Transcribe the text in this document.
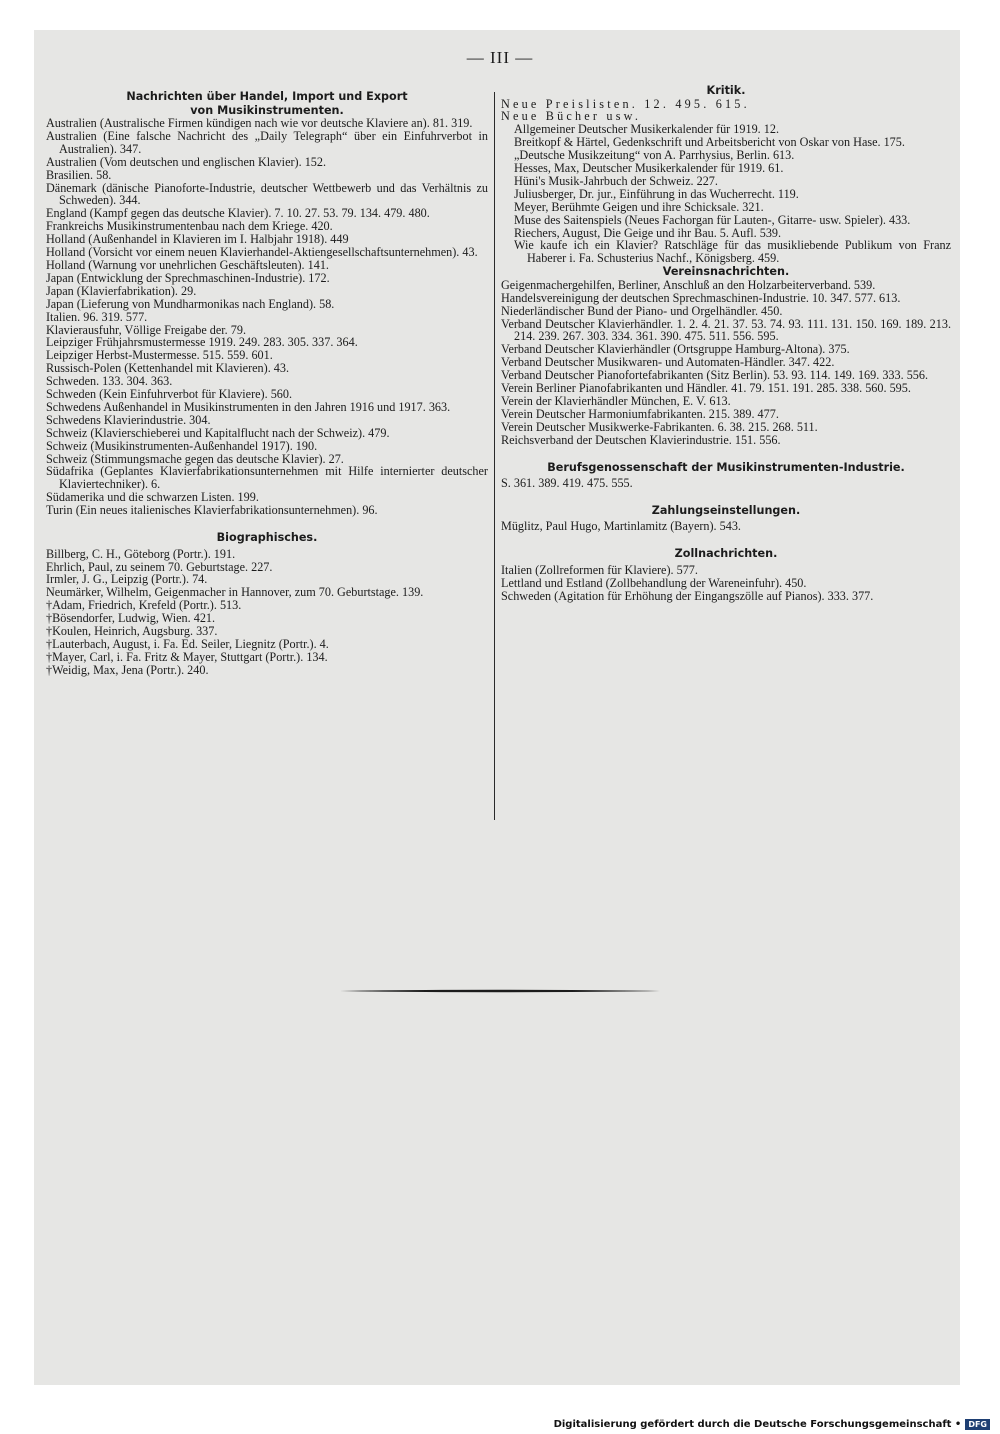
— III —

Nachrichten über Handel, Import und Export
von Musikinstrumenten.

Australien (Australische Firmen kündigen nach wie vor deutsche Klaviere an). 81. 319.
Australien (Eine falsche Nachricht des „Daily Telegraph“ über ein Einfuhrverbot in Australien). 347.
Australien (Vom deutschen und englischen Klavier). 152.
Brasilien. 58.
Dänemark (dänische Pianoforte-Industrie, deutscher Wettbewerb und das Verhältnis zu Schweden). 344.
England (Kampf gegen das deutsche Klavier). 7. 10. 27. 53. 79. 134. 479. 480.
Frankreichs Musikinstrumentenbau nach dem Kriege. 420.
Holland (Außenhandel in Klavieren im I. Halbjahr 1918). 449
Holland (Vorsicht vor einem neuen Klavierhandel-Aktiengesellschaftsunternehmen). 43.
Holland (Warnung vor unehrlichen Geschäftsleuten). 141.
Japan (Entwicklung der Sprechmaschinen-Industrie). 172.
Japan (Klavierfabrikation). 29.
Japan (Lieferung von Mundharmonikas nach England). 58.
Italien. 96. 319. 577.
Klavierausfuhr, Völlige Freigabe der. 79.
Leipziger Frühjahrsmustermesse 1919. 249. 283. 305. 337. 364.
Leipziger Herbst-Mustermesse. 515. 559. 601.
Russisch-Polen (Kettenhandel mit Klavieren). 43.
Schweden. 133. 304. 363.
Schweden (Kein Einfuhrverbot für Klaviere). 560.
Schwedens Außenhandel in Musikinstrumenten in den Jahren 1916 und 1917. 363.
Schwedens Klavierindustrie. 304.
Schweiz (Klavierschieberei und Kapitalflucht nach der Schweiz). 479.
Schweiz (Musikinstrumenten-Außenhandel 1917). 190.
Schweiz (Stimmungsmache gegen das deutsche Klavier). 27.
Südafrika (Geplantes Klavierfabrikationsunternehmen mit Hilfe internierter deutscher Klaviertechniker). 6.
Südamerika und die schwarzen Listen. 199.
Turin (Ein neues italienisches Klavierfabrikationsunternehmen). 96.

Biographisches.

Billberg, C. H., Göteborg (Portr.). 191.
Ehrlich, Paul, zu seinem 70. Geburtstage. 227.
Irmler, J. G., Leipzig (Portr.). 74.
Neumärker, Wilhelm, Geigenmacher in Hannover, zum 70. Geburtstage. 139.
†Adam, Friedrich, Krefeld (Portr.). 513.
†Bösendorfer, Ludwig, Wien. 421.
†Koulen, Heinrich, Augsburg. 337.
†Lauterbach, August, i. Fa. Ed. Seiler, Liegnitz (Portr.). 4.
†Mayer, Carl, i. Fa. Fritz & Mayer, Stuttgart (Portr.). 134.
†Weidig, Max, Jena (Portr.). 240.

Kritik.

Neue Preislisten. 12. 495. 615.
Neue Bücher usw.
Allgemeiner Deutscher Musikerkalender für 1919. 12.
Breitkopf & Härtel, Gedenkschrift und Arbeitsbericht von Oskar von Hase. 175.
„Deutsche Musikzeitung“ von A. Parrhysius, Berlin. 613.
Hesses, Max, Deutscher Musikerkalender für 1919. 61.
Hüni's Musik-Jahrbuch der Schweiz. 227.
Juliusberger, Dr. jur., Einführung in das Wucherrecht. 119.
Meyer, Berühmte Geigen und ihre Schicksale. 321.
Muse des Saitenspiels (Neues Fachorgan für Lauten-, Gitarre- usw. Spieler). 433.
Riechers, August, Die Geige und ihr Bau. 5. Aufl. 539.
Wie kaufe ich ein Klavier? Ratschläge für das musikliebende Publikum von Franz Haberer i. Fa. Schusterius Nachf., Königsberg. 459.

Vereinsnachrichten.

Geigenmachergehilfen, Berliner, Anschluß an den Holzarbeiterverband. 539.
Handelsvereinigung der deutschen Sprechmaschinen-Industrie. 10. 347. 577. 613.
Niederländischer Bund der Piano- und Orgelhändler. 450.
Verband Deutscher Klavierhändler. 1. 2. 4. 21. 37. 53. 74. 93. 111. 131. 150. 169. 189. 213. 214. 239. 267. 303. 334. 361. 390. 475. 511. 556. 595.
Verband Deutscher Klavierhändler (Ortsgruppe Hamburg-Altona). 375.
Verband Deutscher Musikwaren- und Automaten-Händler. 347. 422.
Verband Deutscher Pianofortefabrikanten (Sitz Berlin). 53. 93. 114. 149. 169. 333. 556.
Verein Berliner Pianofabrikanten und Händler. 41. 79. 151. 191. 285. 338. 560. 595.
Verein der Klavierhändler München, E. V. 613.
Verein Deutscher Harmoniumfabrikanten. 215. 389. 477.
Verein Deutscher Musikwerke-Fabrikanten. 6. 38. 215. 268. 511.
Reichsverband der Deutschen Klavierindustrie. 151. 556.

Berufsgenossenschaft der Musikinstrumenten-Industrie.

S. 361. 389. 419. 475. 555.

Zahlungseinstellungen.

Müglitz, Paul Hugo, Martinlamitz (Bayern). 543.

Zollnachrichten.

Italien (Zollreformen für Klaviere). 577.
Lettland und Estland (Zollbehandlung der Wareneinfuhr). 450.
Schweden (Agitation für Erhöhung der Eingangszölle auf Pianos). 333. 377.
Digitalisierung gefördert durch die Deutsche Forschungsgemeinschaft • DFG
